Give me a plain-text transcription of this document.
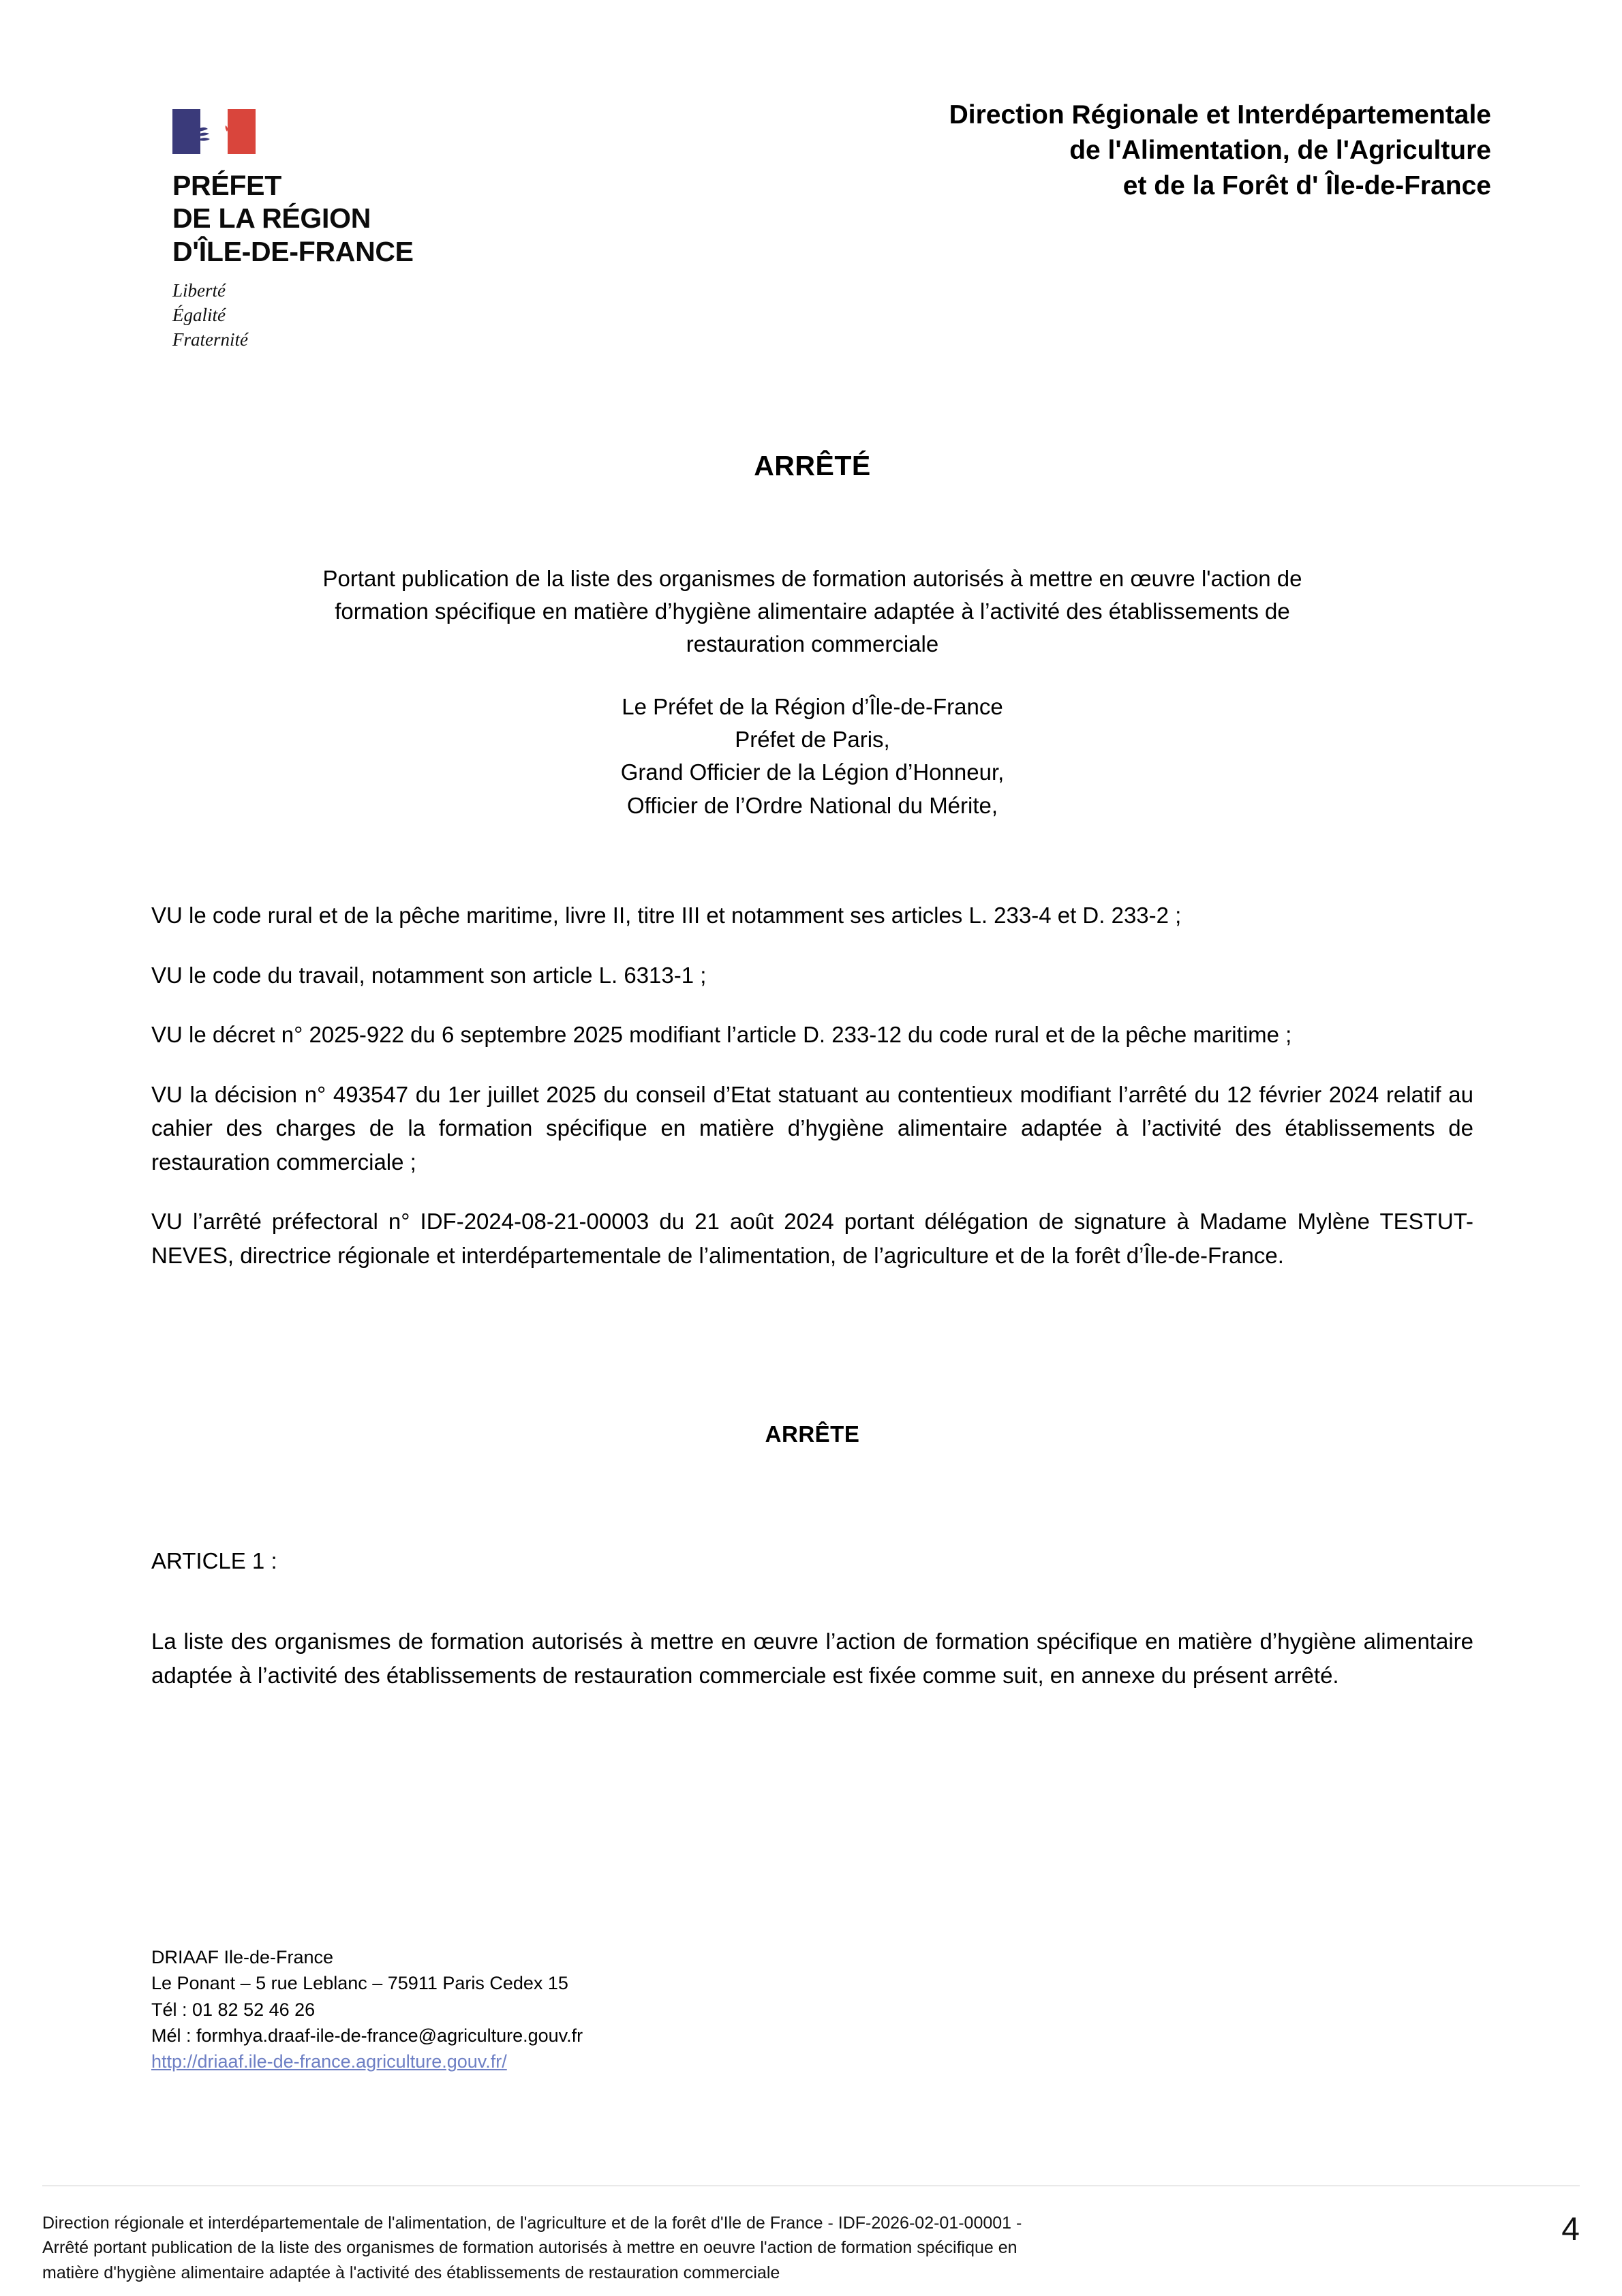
PRÉFET
DE LA RÉGION
D'ÎLE-DE-FRANCE
Liberté
Égalité
Fraternité
Direction Régionale et Interdépartementale
de l'Alimentation, de l'Agriculture
et de la Forêt d' Île-de-France
ARRÊTÉ
Portant publication de la liste des organismes de formation autorisés à mettre en œuvre l'action de
formation spécifique en matière d’hygiène alimentaire adaptée à l’activité des établissements de
restauration commerciale
Le Préfet de la Région d’Île-de-France
Préfet de Paris,
Grand Officier de la Légion d’Honneur,
Officier de l’Ordre National du Mérite,

VU le code rural et de la pêche maritime, livre II, titre III et notamment ses articles L. 233-4 et D. 233-2 ;

VU le code du travail, notamment son article L. 6313-1 ;

VU le décret n° 2025-922 du 6 septembre 2025 modifiant l’article D. 233-12 du code rural et de la pêche maritime ;

VU la décision n° 493547 du 1er juillet 2025 du conseil d’Etat statuant au contentieux modifiant l’arrêté du 12 février 2024 relatif au cahier des charges de la formation spécifique en matière d’hygiène alimentaire adaptée à l’activité des établissements de restauration commerciale ;

VU l’arrêté préfectoral n° IDF-2024-08-21-00003 du 21 août 2024 portant délégation de signature à Madame Mylène TESTUT-NEVES, directrice régionale et interdépartementale de l’alimentation, de l’agriculture et de la forêt d’Île-de-France.

ARRÊTE
ARTICLE 1 :
La liste des organismes de formation autorisés à mettre en œuvre l’action de formation spécifique en matière d’hygiène alimentaire adaptée à l’activité des établissements de restauration commerciale est fixée comme suit, en annexe du présent arrêté.
DRIAAF Ile-de-France
Le Ponant – 5 rue Leblanc – 75911 Paris Cedex 15
Tél : 01 82 52 46 26
Mél : formhya.draaf-ile-de-france@agriculture.gouv.fr
http://driaaf.ile-de-france.agriculture.gouv.fr/
Direction régionale et interdépartementale de l'alimentation, de l'agriculture et de la forêt d'Ile de France - IDF-2026-02-01-00001 -
Arrêté portant publication de la liste des organismes de formation autorisés à mettre en oeuvre l'action de formation spécifique en
matière d'hygiène alimentaire adaptée à l'activité des établissements de restauration commerciale
4
